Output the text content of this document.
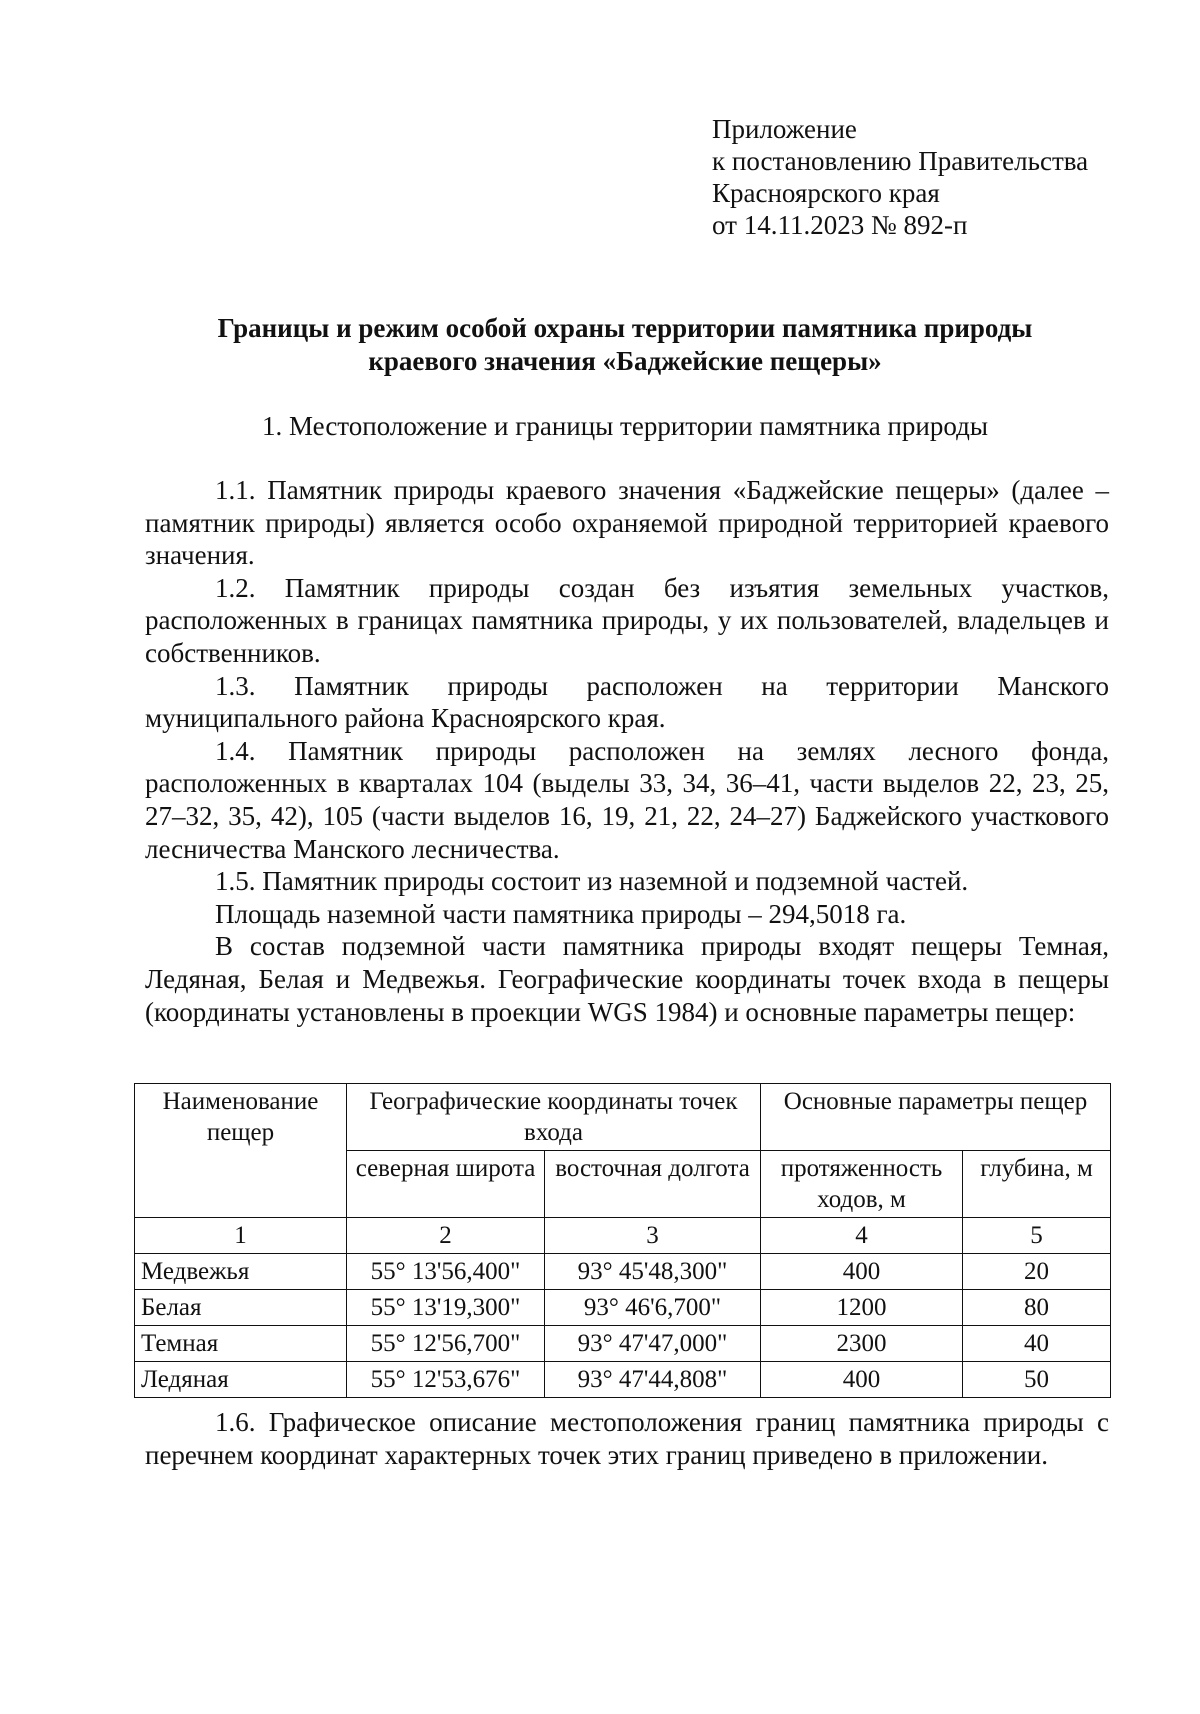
Приложение
к постановлению Правительства
Красноярского края
от 14.11.2023 № 892-п
Границы и режим особой охраны территории памятника природы
краевого значения «Баджейские пещеры»
1. Местоположение и границы территории памятника природы

1.1. Памятник природы краевого значения «Баджейские пещеры» (далее – памятник природы) является особо охраняемой природной территорией краевого значения.

1.2. Памятник природы создан без изъятия земельных участков, расположенных в границах памятника природы, у их пользователей, владельцев и собственников.

1.3. Памятник природы расположен на территории Манского муниципального района Красноярского края.

1.4. Памятник природы расположен на землях лесного фонда, расположенных в кварталах 104 (выделы 33, 34, 36–41, части выделов 22, 23, 25, 27–32, 35, 42), 105 (части выделов 16, 19, 21, 22, 24–27) Баджейского участкового лесничества Манского лесничества.

1.5. Памятник природы состоит из наземной и подземной частей.

Площадь наземной части памятника природы – 294,5018 га.

В состав подземной части памятника природы входят пещеры Темная, Ледяная, Белая и Медвежья. Географические координаты точек входа в пещеры (координаты установлены в проекции WGS 1984) и основные параметры пещер:

Наименование пещер	Географические координаты точек входа		Основные параметры пещер	
	северная широта	восточная долгота	протяженность ходов, м	глубина, м
1	2	3	4	5
Медвежья	55° 13'56,400"	93° 45'48,300"	400	20
Белая	55° 13'19,300"	93° 46'6,700"	1200	80
Темная	55° 12'56,700"	93° 47'47,000"	2300	40
Ледяная	55° 12'53,676"	93° 47'44,808"	400	50

1.6. Графическое описание местоположения границ памятника природы с перечнем координат характерных точек этих границ приведено в приложении.
